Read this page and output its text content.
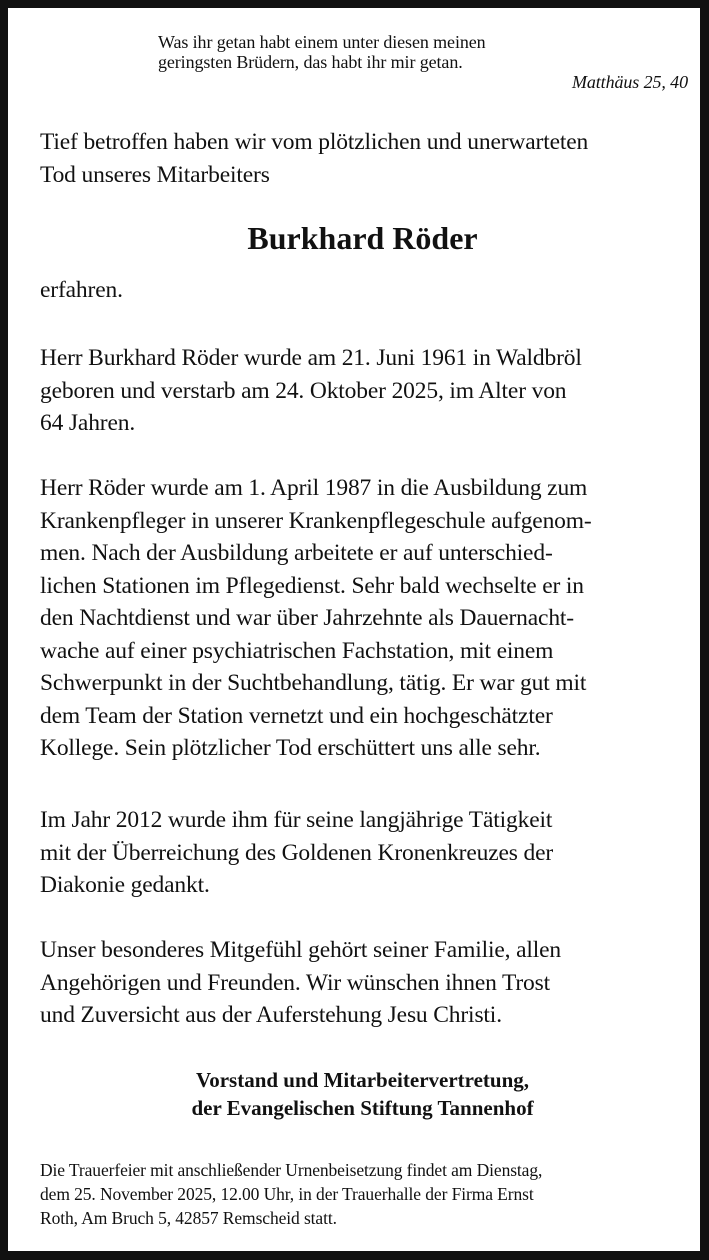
Was ihr getan habt einem unter diesen meinen
geringsten Brüdern, das habt ihr mir getan.
Matthäus 25, 40
Tief betroffen haben wir vom plötzlichen und unerwarteten
Tod unseres Mitarbeiters
Burkhard Röder
erfahren.
Herr Burkhard Röder wurde am 21. Juni 1961 in Waldbröl
geboren und verstarb am 24. Oktober 2025, im Alter von
64 Jahren.
Herr Röder wurde am 1. April 1987 in die Ausbildung zum
Krankenpfleger in unserer Krankenpflegeschule aufgenom-
men. Nach der Ausbildung arbeitete er auf unterschied-
lichen Stationen im Pflegedienst. Sehr bald wechselte er in
den Nachtdienst und war über Jahrzehnte als Dauernacht-
wache auf einer psychiatrischen Fachstation, mit einem
Schwerpunkt in der Suchtbehandlung, tätig. Er war gut mit
dem Team der Station vernetzt und ein hochgeschätzter
Kollege. Sein plötzlicher Tod erschüttert uns alle sehr.
Im Jahr 2012 wurde ihm für seine langjährige Tätigkeit
mit der Überreichung des Goldenen Kronenkreuzes der
Diakonie gedankt.
Unser besonderes Mitgefühl gehört seiner Familie, allen
Angehörigen und Freunden. Wir wünschen ihnen Trost
und Zuversicht aus der Auferstehung Jesu Christi.
Vorstand und Mitarbeitervertretung,
der Evangelischen Stiftung Tannenhof
Die Trauerfeier mit anschließender Urnenbeisetzung findet am Dienstag,
dem 25. November 2025, 12.00 Uhr, in der Trauerhalle der Firma Ernst
Roth, Am Bruch 5, 42857 Remscheid statt.
